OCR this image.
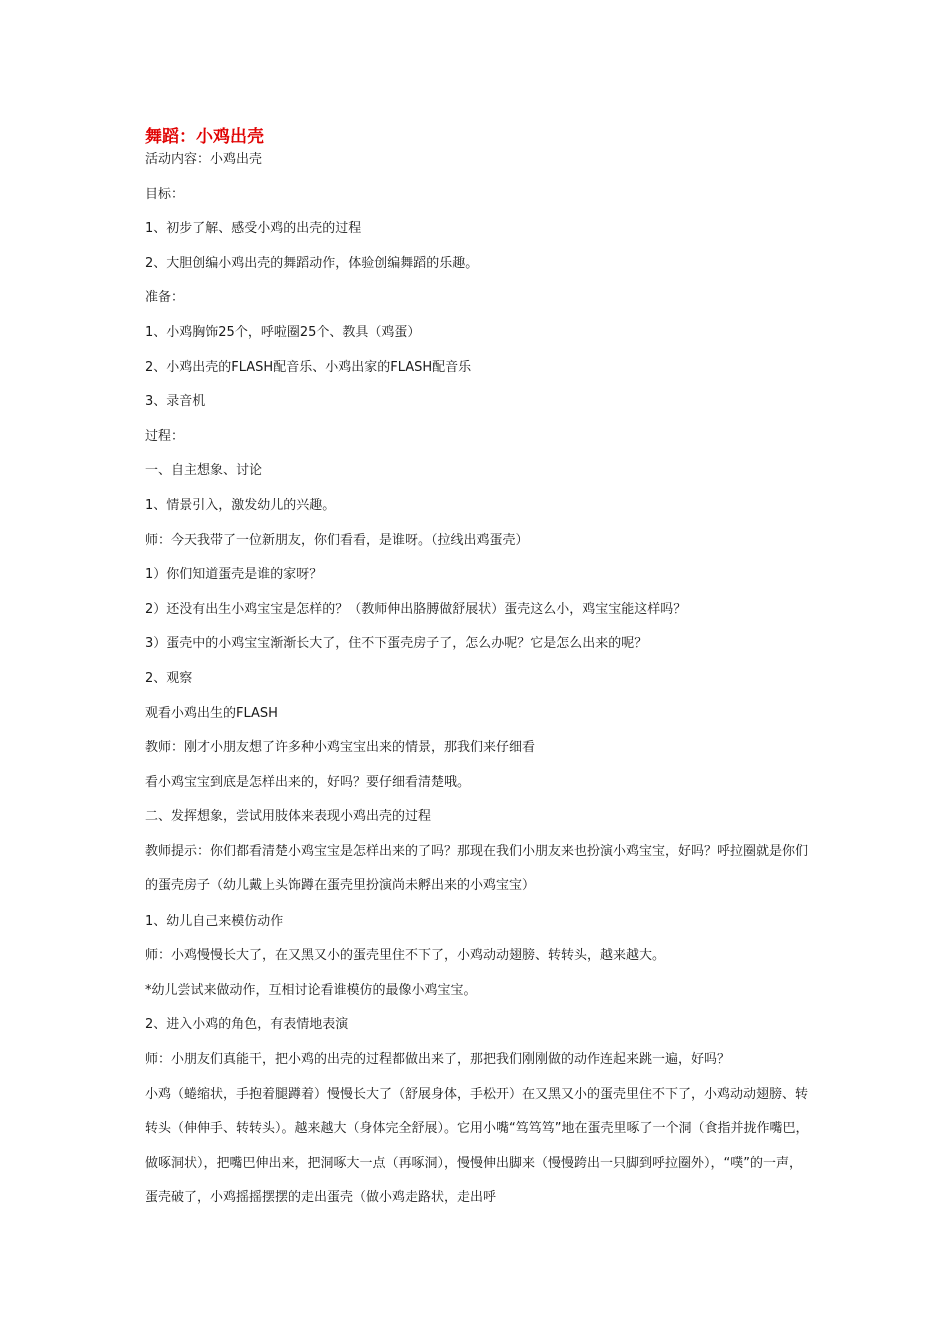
舞蹈：小鸡出壳

活动内容：小鸡出壳

目标：

1、初步了解、感受小鸡的出壳的过程

2、大胆创编小鸡出壳的舞蹈动作，体验创编舞蹈的乐趣。

准备：

1、小鸡胸饰25个，呼啦圈25个、教具（鸡蛋）

2、小鸡出壳的FLASH配音乐、小鸡出家的FLASH配音乐

3、录音机

过程：

一、自主想象、讨论

1、情景引入，激发幼儿的兴趣。

师：今天我带了一位新朋友，你们看看，是谁呀。（拉线出鸡蛋壳）

1）你们知道蛋壳是谁的家呀？

2）还没有出生小鸡宝宝是怎样的？（教师伸出胳膊做舒展状）蛋壳这么小，鸡宝宝能这样吗？

3）蛋壳中的小鸡宝宝渐渐长大了，住不下蛋壳房子了，怎么办呢？它是怎么出来的呢？

2、观察

观看小鸡出生的FLASH

教师：刚才小朋友想了许多种小鸡宝宝出来的情景，那我们来仔细看

看小鸡宝宝到底是怎样出来的，好吗？要仔细看清楚哦。

二、发挥想象，尝试用肢体来表现小鸡出壳的过程

教师提示：你们都看清楚小鸡宝宝是怎样出来的了吗？那现在我们小朋友来也扮演小鸡宝宝，好吗？呼拉圈就是你们的蛋壳房子（幼儿戴上头饰蹲在蛋壳里扮演尚未孵出来的小鸡宝宝）

1、幼儿自己来模仿动作

师：小鸡慢慢长大了，在又黑又小的蛋壳里住不下了，小鸡动动翅膀、转转头，越来越大。

*幼儿尝试来做动作，互相讨论看谁模仿的最像小鸡宝宝。

2、进入小鸡的角色，有表情地表演

师：小朋友们真能干，把小鸡的出壳的过程都做出来了，那把我们刚刚做的动作连起来跳一遍，好吗？

小鸡（蜷缩状，手抱着腿蹲着）慢慢长大了（舒展身体，手松开）在又黑又小的蛋壳里住不下了，小鸡动动翅膀、转转头（伸伸手、转转头）。越来越大（身体完全舒展）。它用小嘴“笃笃笃”地在蛋壳里啄了一个洞（食指并拢作嘴巴，做啄洞状），把嘴巴伸出来，把洞啄大一点（再啄洞），慢慢伸出脚来（慢慢跨出一只脚到呼拉圈外），“噗”的一声，蛋壳破了，小鸡摇摇摆摆的走出蛋壳（做小鸡走路状，走出呼
